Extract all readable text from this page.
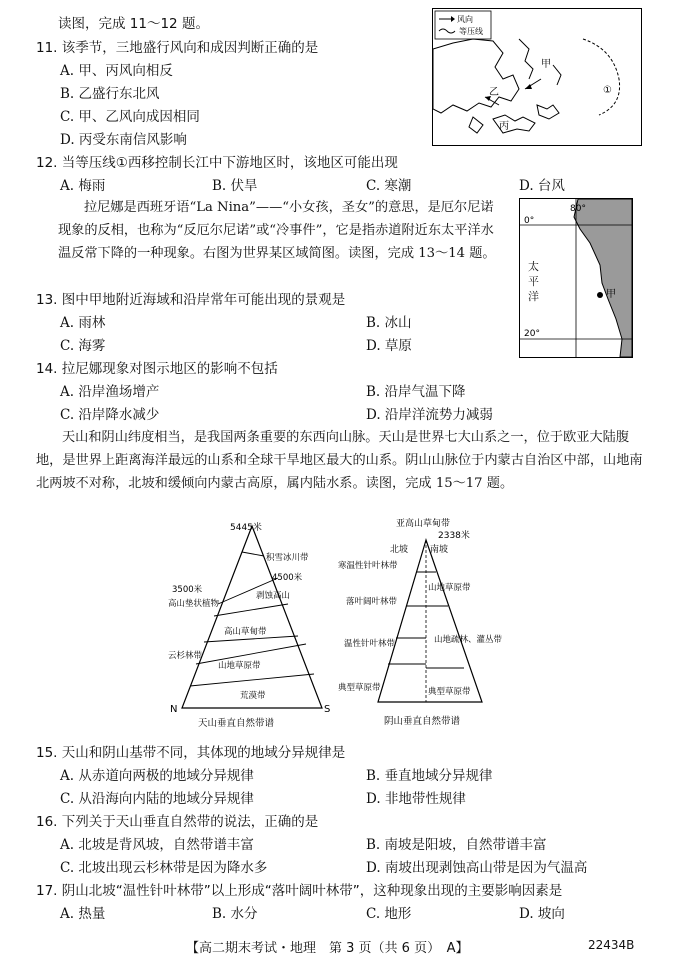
读图，完成 11～12 题。
11. 该季节，三地盛行风向和成因判断正确的是
A. 甲、丙风向相反
B. 乙盛行东北风
C. 甲、乙风向成因相同
D. 丙受东南信风影响
风向
等压线
甲
乙
丙
①
12. 当等压线①西移控制长江中下游地区时，该地区可能出现
A. 梅雨	B. 伏旱	C. 寒潮	D. 台风
拉尼娜是西班牙语“La Nina”——“小女孩，圣女”的意思，是厄尔尼诺现象的反相，也称为“反厄尔尼诺”或“冷事件”，它是指赤道附近东太平洋水温反常下降的一种现象。右图为世界某区域简图。读图，完成 13～14 题。
80°
0°
20°
甲
太平洋
13. 图中甲地附近海域和沿岸常年可能出现的景观是
A. 雨林	B. 冰山
C. 海雾	D. 草原
14. 拉尼娜现象对图示地区的影响不包括
A. 沿岸渔场增产	B. 沿岸气温下降
C. 沿岸降水减少	D. 沿岸洋流势力减弱
天山和阴山纬度相当，是我国两条重要的东西向山脉。天山是世界七大山系之一，位于欧亚大陆腹地，是世界上距离海洋最远的山系和全球干旱地区最大的山系。阴山山脉位于内蒙古自治区中部，山地南北两坡不对称，北坡和缓倾向内蒙古高原，属内陆水系。读图，完成 15～17 题。
5445米
积雪冰川带
4500米
剥蚀高山
3500米
高山垫状植物
高山草甸带
云杉林带
山地草原带
荒漠带
N	S
天山垂直自然带谱
亚高山草甸带
2338米
北坡 南坡
寒温性针叶林带
山地草原带
落叶阔叶林带
山地疏林、灌丛带
温性针叶林带
典型草原带	典型草原带
阴山垂直自然带谱
15. 天山和阴山基带不同，其体现的地域分异规律是
A. 从赤道向两极的地域分异规律	B. 垂直地域分异规律
C. 从沿海向内陆的地域分异规律	D. 非地带性规律
16. 下列关于天山垂直自然带的说法，正确的是
A. 北坡是背风坡，自然带谱丰富	B. 南坡是阳坡，自然带谱丰富
C. 北坡出现云杉林带是因为降水多	D. 南坡出现剥蚀高山带是因为气温高
17. 阴山北坡“温性针叶林带”以上形成“落叶阔叶林带”，这种现象出现的主要影响因素是
A. 热量	B. 水分	C. 地形	D. 坡向
【高二期末考试・地理　第 3 页（共 6 页）　A】	22434B
